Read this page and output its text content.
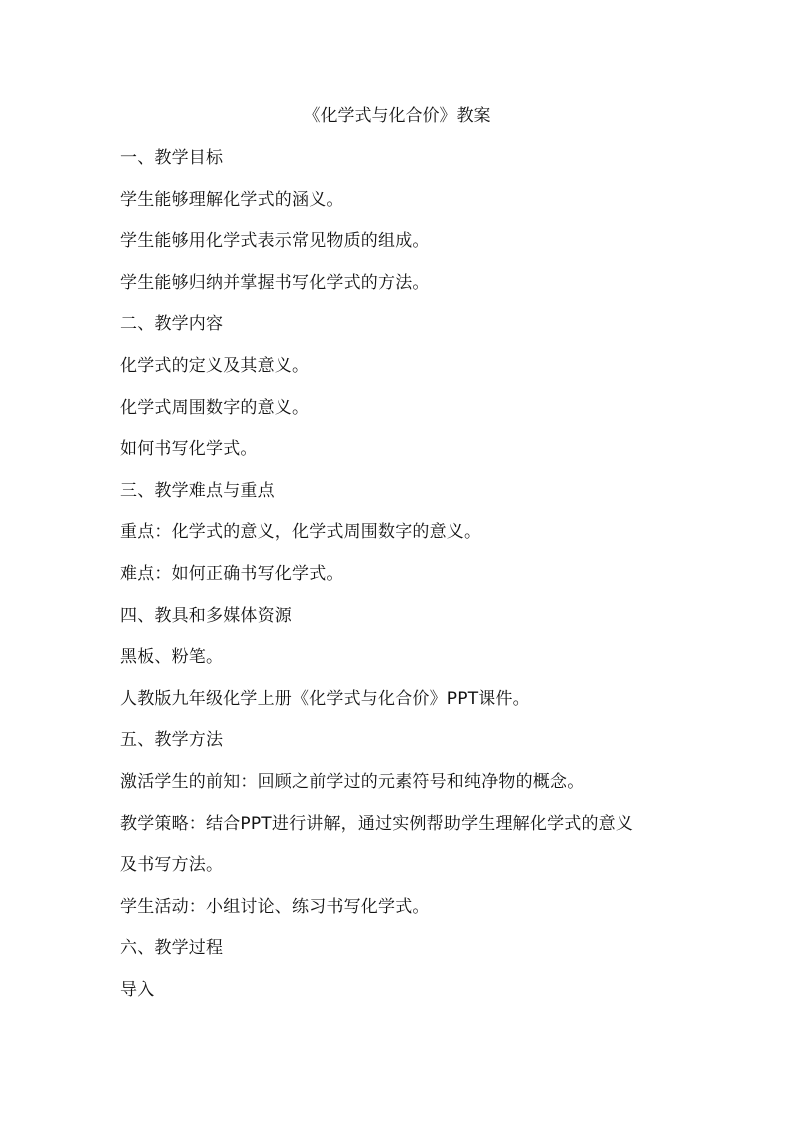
《化学式与化合价》教案
一、教学目标
学生能够理解化学式的涵义。
学生能够用化学式表示常见物质的组成。
学生能够归纳并掌握书写化学式的方法。
二、教学内容
化学式的定义及其意义。
化学式周围数字的意义。
如何书写化学式。
三、教学难点与重点
重点：化学式的意义，化学式周围数字的意义。
难点：如何正确书写化学式。
四、教具和多媒体资源
黑板、粉笔。
人教版九年级化学上册《化学式与化合价》PPT课件。
五、教学方法
激活学生的前知：回顾之前学过的元素符号和纯净物的概念。
教学策略：结合PPT进行讲解，通过实例帮助学生理解化学式的意义
及书写方法。
学生活动：小组讨论、练习书写化学式。
六、教学过程
导入
